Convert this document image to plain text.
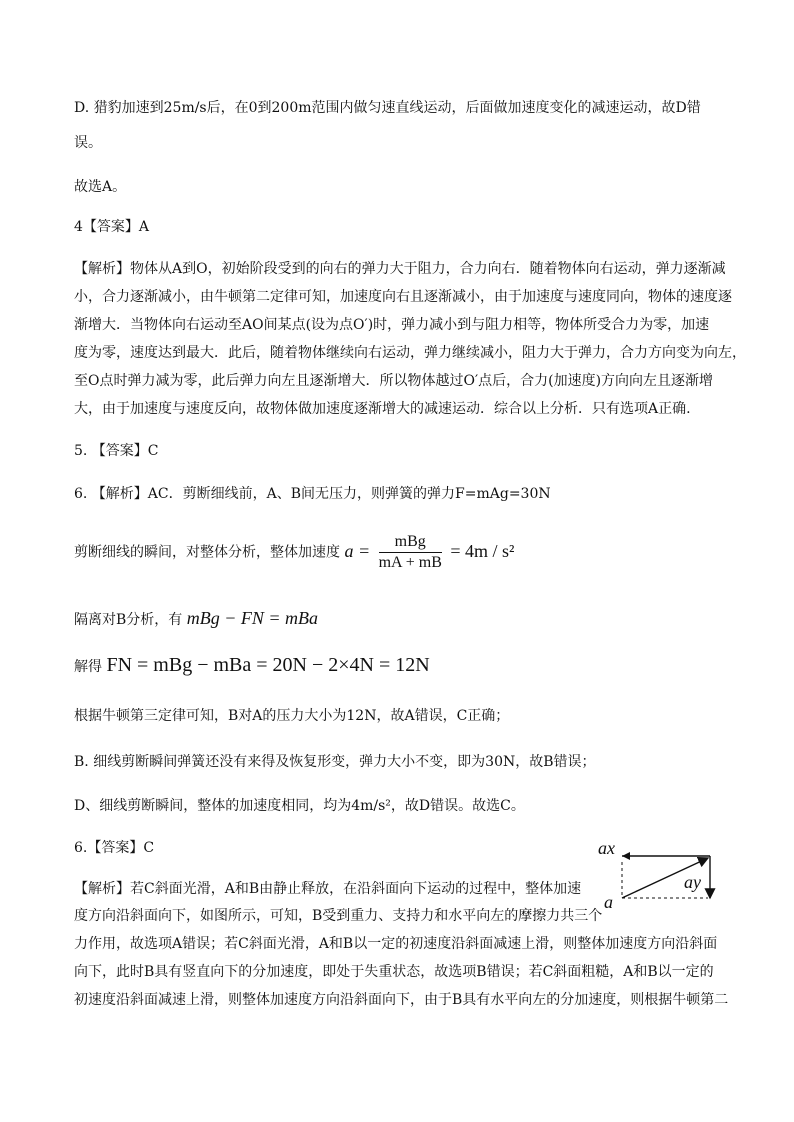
D. 猎豹加速到25m/s后，在0到200m范围内做匀速直线运动，后面做加速度变化的减速运动，故D错
误。
故选A。
4【答案】A
【解析】物体从A到O，初始阶段受到的向右的弹力大于阻力，合力向右．随着物体向右运动，弹力逐渐减
小，合力逐渐减小，由牛顿第二定律可知，加速度向右且逐渐减小，由于加速度与速度同向，物体的速度逐
渐增大．当物体向右运动至AO间某点(设为点O′)时，弹力减小到与阻力相等，物体所受合力为零，加速
度为零，速度达到最大．此后，随着物体继续向右运动，弹力继续减小，阻力大于弹力，合力方向变为向左，
至O点时弹力减为零，此后弹力向左且逐渐增大．所以物体越过O′点后，合力(加速度)方向向左且逐渐增
大，由于加速度与速度反向，故物体做加速度逐渐增大的减速运动．综合以上分析．只有选项A正确.
5. 【答案】C
6. 【解析】AC．剪断细线前，A、B间无压力，则弹簧的弹力F=mAg=30N
剪断细线的瞬间，对整体分析，整体加速度 $a = \frac{\text{mBg}}{mA + mB} = 4m / s^2$
隔离对B分析，有 mBg − FN = mBa
解得 FN = mBg − mBa = 20N − 2×4N = 12N
根据牛顿第三定律可知，B对A的压力大小为12N，故A错误，C正确；
B. 细线剪断瞬间弹簧还没有来得及恢复形变，弹力大小不变，即为30N，故B错误；
D、细线剪断瞬间，整体的加速度相同，均为4m/s²，故D错误。故选C。
6.【答案】C
【解析】若C斜面光滑，A和B由静止释放，在沿斜面向下运动的过程中，整体加速
度方向沿斜面向下，如图所示，可知，B受到重力、支持力和水平向左的摩擦力共三个
力作用，故选项A错误；若C斜面光滑，A和B以一定的初速度沿斜面减速上滑，则整体加速度方向沿斜面
向下，此时B具有竖直向下的分加速度，即处于失重状态，故选项B错误；若C斜面粗糙，A和B以一定的
初速度沿斜面减速上滑，则整体加速度方向沿斜面向下，由于B具有水平向左的分加速度，则根据牛顿第二
ax
ay
a
